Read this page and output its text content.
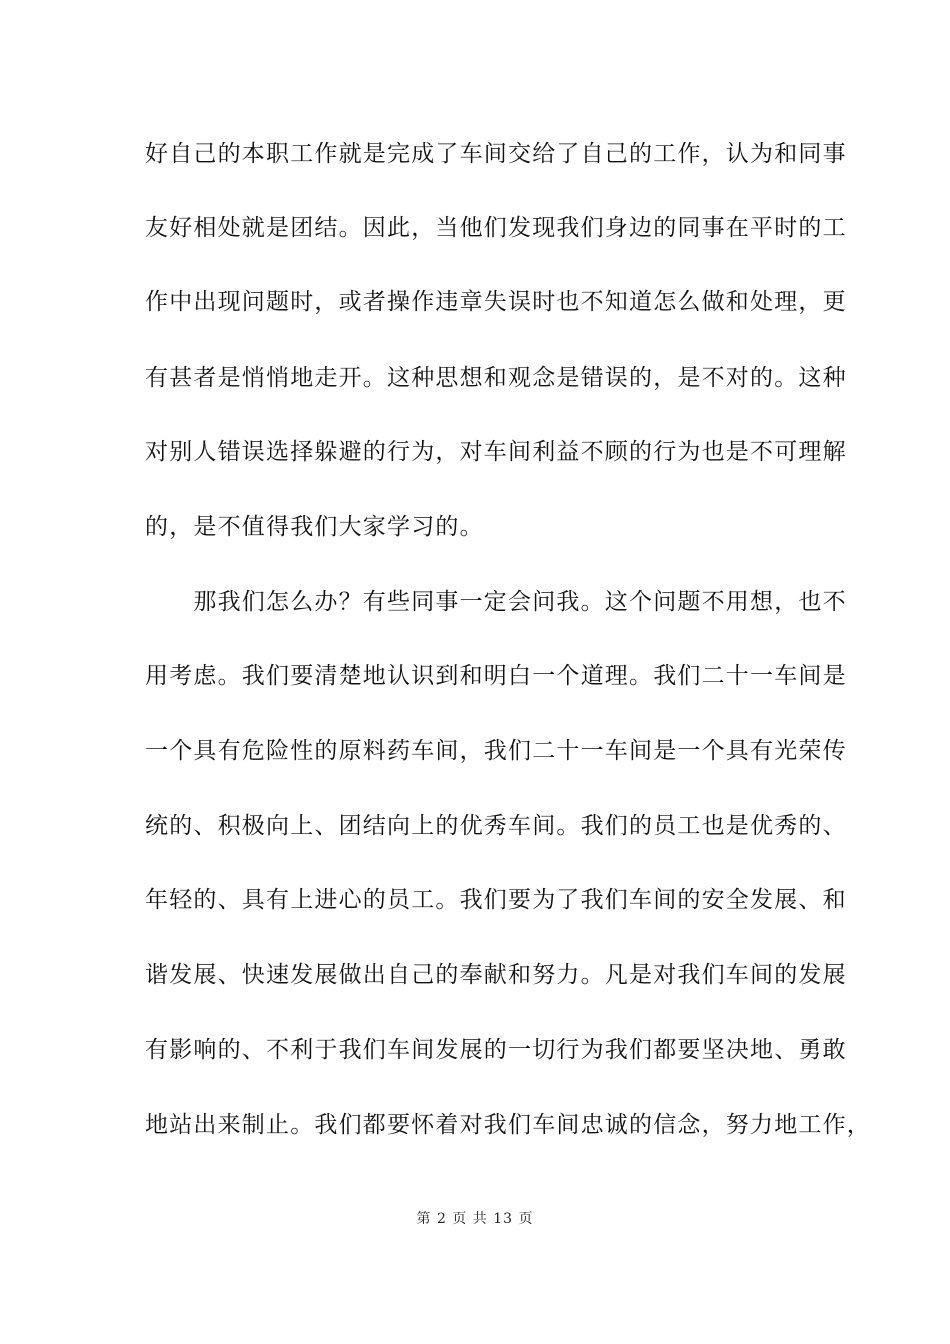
好自己的本职工作就是完成了车间交给了自己的工作，认为和同事
友好相处就是团结。因此，当他们发现我们身边的同事在平时的工
作中出现问题时，或者操作违章失误时也不知道怎么做和处理，更
有甚者是悄悄地走开。这种思想和观念是错误的，是不对的。这种
对别人错误选择躲避的行为，对车间利益不顾的行为也是不可理解
的，是不值得我们大家学习的。
　　那我们怎么办？有些同事一定会问我。这个问题不用想，也不
用考虑。我们要清楚地认识到和明白一个道理。我们二十一车间是
一个具有危险性的原料药车间，我们二十一车间是一个具有光荣传
统的、积极向上、团结向上的优秀车间。我们的员工也是优秀的、
年轻的、具有上进心的员工。我们要为了我们车间的安全发展、和
谐发展、快速发展做出自己的奉献和努力。凡是对我们车间的发展
有影响的、不利于我们车间发展的一切行为我们都要坚决地、勇敢
地站出来制止。我们都要怀着对我们车间忠诚的信念，努力地工作，
第 2 页 共 13 页
